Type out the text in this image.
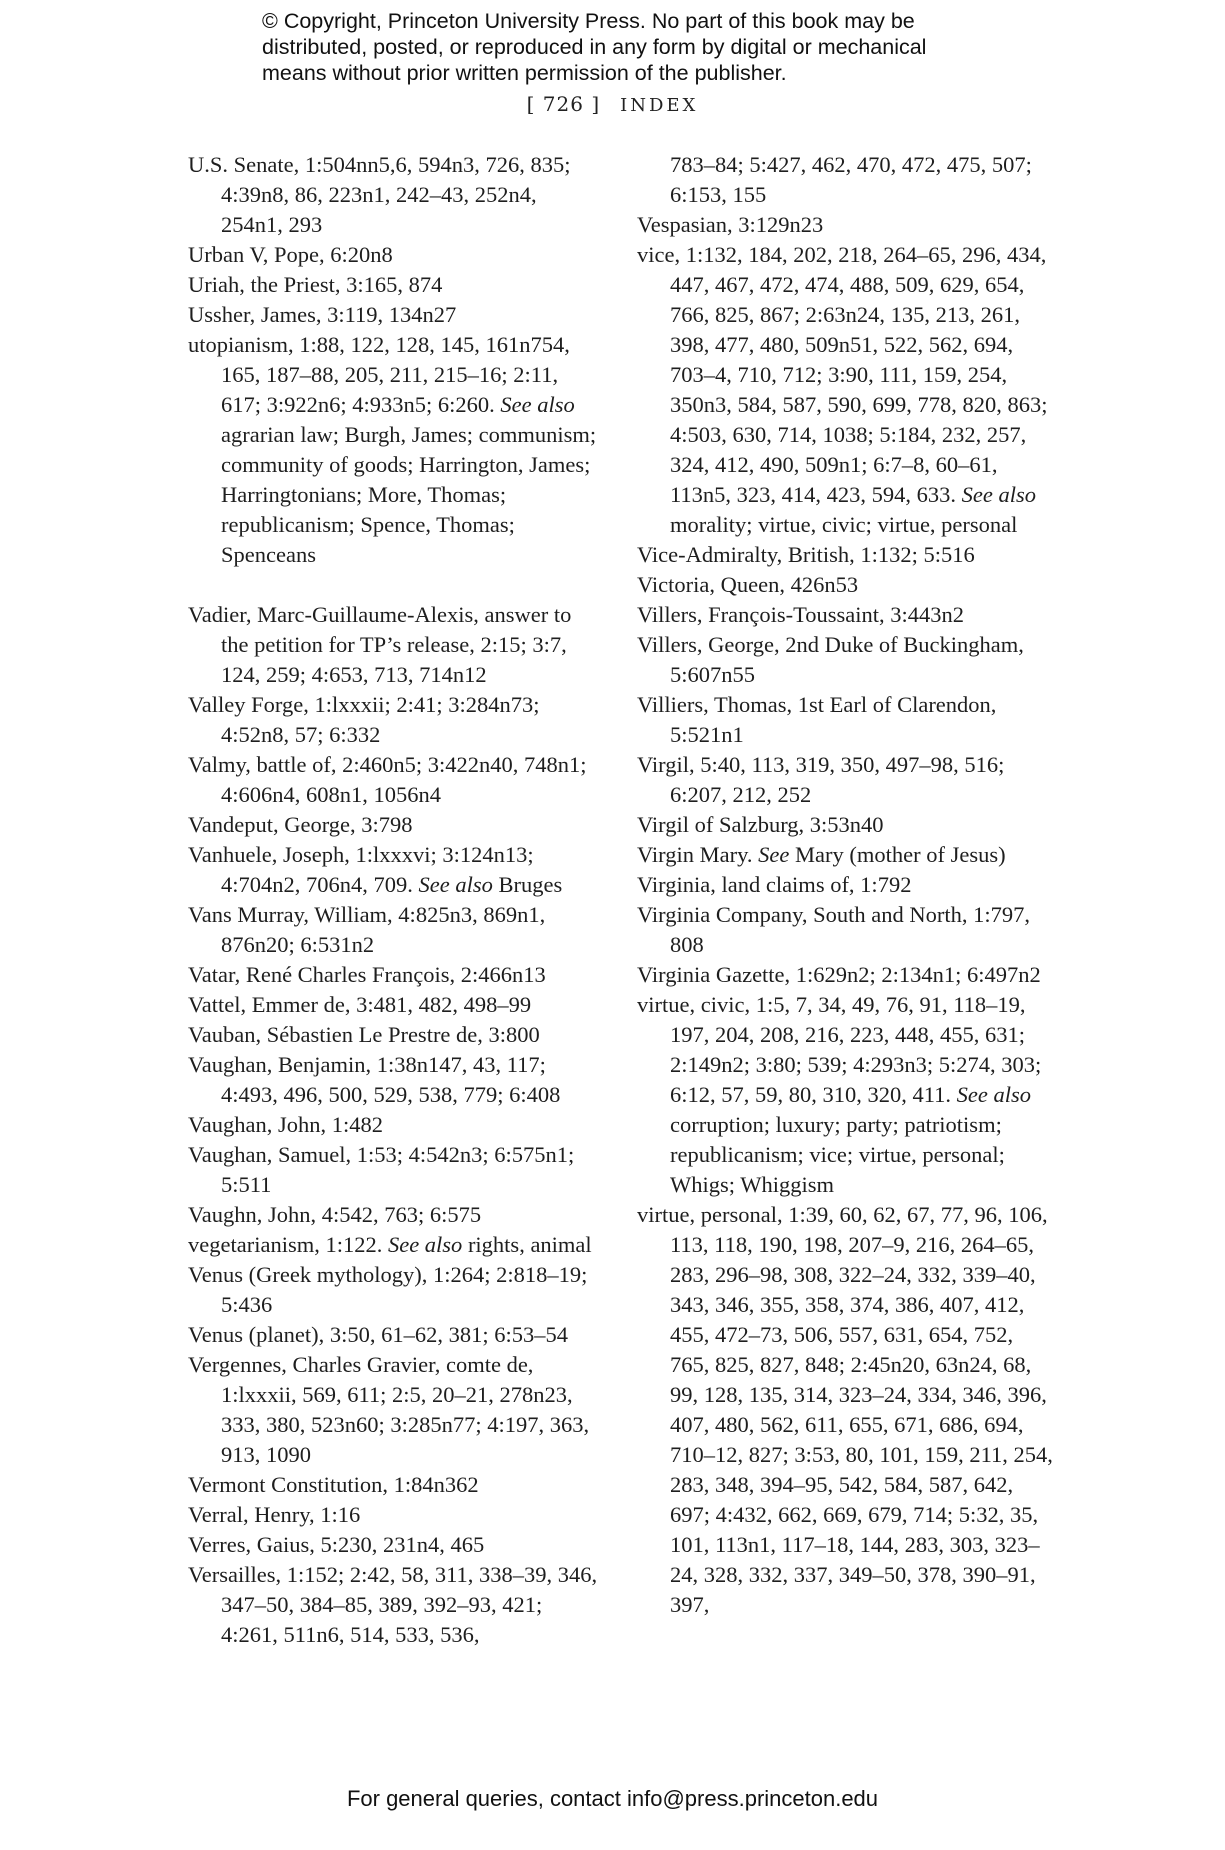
© Copyright, Princeton University Press. No part of this book may be
distributed, posted, or reproduced in any form by digital or mechanical
means without prior written permission of the publisher.
[ 726 ] INDEX
U.S. Senate, 1:504nn5,6, 594n3, 726, 835; 4:39n8, 86, 223n1, 242–43, 252n4, 254n1, 293
Urban V, Pope, 6:20n8
Uriah, the Priest, 3:165, 874
Ussher, James, 3:119, 134n27
utopianism, 1:88, 122, 128, 145, 161n754, 165, 187–88, 205, 211, 215–16; 2:11, 617; 3:922n6; 4:933n5; 6:260. See also agrarian law; Burgh, James; communism; community of goods; Harrington, James; Harringtonians; More, Thomas; republicanism; Spence, Thomas; Spenceans
Vadier, Marc-Guillaume-Alexis, answer to the petition for TP’s release, 2:15; 3:7, 124, 259; 4:653, 713, 714n12
Valley Forge, 1:lxxxii; 2:41; 3:284n73; 4:52n8, 57; 6:332
Valmy, battle of, 2:460n5; 3:422n40, 748n1; 4:606n4, 608n1, 1056n4
Vandeput, George, 3:798
Vanhuele, Joseph, 1:lxxxvi; 3:124n13; 4:704n2, 706n4, 709. See also Bruges
Vans Murray, William, 4:825n3, 869n1, 876n20; 6:531n2
Vatar, René Charles François, 2:466n13
Vattel, Emmer de, 3:481, 482, 498–99
Vauban, Sébastien Le Prestre de, 3:800
Vaughan, Benjamin, 1:38n147, 43, 117; 4:493, 496, 500, 529, 538, 779; 6:408
Vaughan, John, 1:482
Vaughan, Samuel, 1:53; 4:542n3; 6:575n1; 5:511
Vaughn, John, 4:542, 763; 6:575
vegetarianism, 1:122. See also rights, animal
Venus (Greek mythology), 1:264; 2:818–19; 5:436
Venus (planet), 3:50, 61–62, 381; 6:53–54
Vergennes, Charles Gravier, comte de, 1:lxxxii, 569, 611; 2:5, 20–21, 278n23, 333, 380, 523n60; 3:285n77; 4:197, 363, 913, 1090
Vermont Constitution, 1:84n362
Verral, Henry, 1:16
Verres, Gaius, 5:230, 231n4, 465
Versailles, 1:152; 2:42, 58, 311, 338–39, 346, 347–50, 384–85, 389, 392–93, 421; 4:261, 511n6, 514, 533, 536,
783–84; 5:427, 462, 470, 472, 475, 507; 6:153, 155
Vespasian, 3:129n23
vice, 1:132, 184, 202, 218, 264–65, 296, 434, 447, 467, 472, 474, 488, 509, 629, 654, 766, 825, 867; 2:63n24, 135, 213, 261, 398, 477, 480, 509n51, 522, 562, 694, 703–4, 710, 712; 3:90, 111, 159, 254, 350n3, 584, 587, 590, 699, 778, 820, 863; 4:503, 630, 714, 1038; 5:184, 232, 257, 324, 412, 490, 509n1; 6:7–8, 60–61, 113n5, 323, 414, 423, 594, 633. See also morality; virtue, civic; virtue, personal
Vice-Admiralty, British, 1:132; 5:516
Victoria, Queen, 426n53
Villers, François-Toussaint, 3:443n2
Villers, George, 2nd Duke of Buckingham, 5:607n55
Villiers, Thomas, 1st Earl of Clarendon, 5:521n1
Virgil, 5:40, 113, 319, 350, 497–98, 516; 6:207, 212, 252
Virgil of Salzburg, 3:53n40
Virgin Mary. See Mary (mother of Jesus)
Virginia, land claims of, 1:792
Virginia Company, South and North, 1:797, 808
Virginia Gazette, 1:629n2; 2:134n1; 6:497n2
virtue, civic, 1:5, 7, 34, 49, 76, 91, 118–19, 197, 204, 208, 216, 223, 448, 455, 631; 2:149n2; 3:80; 539; 4:293n3; 5:274, 303; 6:12, 57, 59, 80, 310, 320, 411. See also corruption; luxury; party; patriotism; republicanism; vice; virtue, personal; Whigs; Whiggism
virtue, personal, 1:39, 60, 62, 67, 77, 96, 106, 113, 118, 190, 198, 207–9, 216, 264–65, 283, 296–98, 308, 322–24, 332, 339–40, 343, 346, 355, 358, 374, 386, 407, 412, 455, 472–73, 506, 557, 631, 654, 752, 765, 825, 827, 848; 2:45n20, 63n24, 68, 99, 128, 135, 314, 323–24, 334, 346, 396, 407, 480, 562, 611, 655, 671, 686, 694, 710–12, 827; 3:53, 80, 101, 159, 211, 254, 283, 348, 394–95, 542, 584, 587, 642, 697; 4:432, 662, 669, 679, 714; 5:32, 35, 101, 113n1, 117–18, 144, 283, 303, 323–24, 328, 332, 337, 349–50, 378, 390–91, 397,
For general queries, contact info@press.princeton.edu
